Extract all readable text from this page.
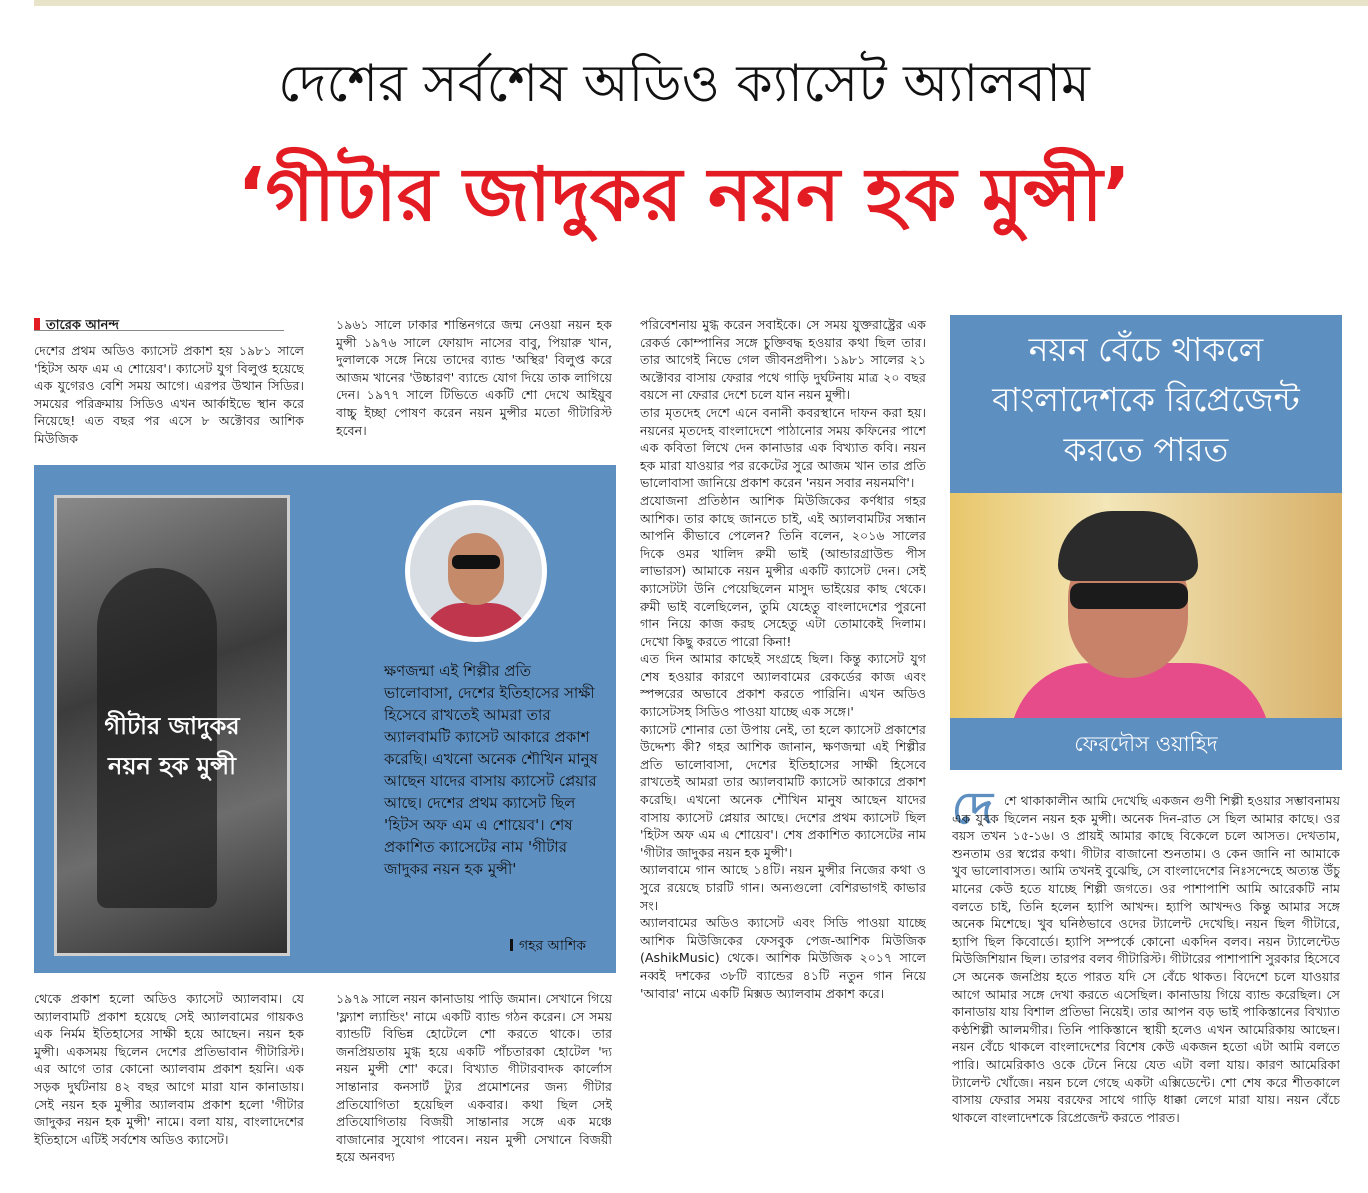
দেশের সর্বশেষ অডিও ক্যাসেট অ্যালবাম
‘গীটার জাদুকর নয়ন হক মুন্সী’
তারেক আনন্দ
দেশের প্রথম অডিও ক্যাসেট প্রকাশ হয় ১৯৮১ সালে 'হিটস অফ এম এ শোয়েব'। ক্যাসেট যুগ বিলুপ্ত হয়েছে এক যুগেরও বেশি সময় আগে। এরপর উত্থান সিডির। সময়ের পরিক্রমায় সিডিও এখন আর্কাইভে স্থান করে নিয়েছে! এত বছর পর এসে ৮ অক্টোবর আশিক মিউজিক
১৯৬১ সালে ঢাকার শান্তিনগরে জন্ম নেওয়া নয়ন হক মুন্সী ১৯৭৬ সালে ফোয়াদ নাসের বাবু, পিয়ারু খান, দুলালকে সঙ্গে নিয়ে তাদের ব্যান্ড 'অস্থির' বিলুপ্ত করে আজম খানের 'উচ্চারণ' ব্যান্ডে যোগ দিয়ে তাক লাগিয়ে দেন। ১৯৭৭ সালে টিভিতে একটি শো দেখে আইয়ুব বাচ্চু ইচ্ছা পোষণ করেন নয়ন মুন্সীর মতো গীটারিস্ট হবেন।
গীটার জাদুকর
নয়ন হক মুন্সী
ক্ষণজন্মা এই শিল্পীর প্রতি ভালোবাসা, দেশের ইতিহাসের সাক্ষী হিসেবে রাখতেই আমরা তার অ্যালবামটি ক্যাসেট আকারে প্রকাশ করেছি। এখনো অনেক শৌখিন মানুষ আছেন যাদের বাসায় ক্যাসেট প্লেয়ার আছে। দেশের প্রথম ক্যাসেট ছিল 'হিটস অফ এম এ শোয়েব'। শেষ প্রকাশিত ক্যাসেটের নাম 'গীটার জাদুকর নয়ন হক মুন্সী'
গহর আশিক
থেকে প্রকাশ হলো অডিও ক্যাসেট অ্যালবাম। যে অ্যালবামটি প্রকাশ হয়েছে সেই অ্যালবামের গায়কও এক নির্মম ইতিহাসের সাক্ষী হয়ে আছেন। নয়ন হক মুন্সী। একসময় ছিলেন দেশের প্রতিভাবান গীটারিস্ট। এর আগে তার কোনো অ্যালবাম প্রকাশ হয়নি। এক সড়ক দুর্ঘটনায় ৪২ বছর আগে মারা যান কানাডায়। সেই নয়ন হক মুন্সীর অ্যালবাম প্রকাশ হলো 'গীটার জাদুকর নয়ন হক মুন্সী' নামে। বলা যায়, বাংলাদেশের ইতিহাসে এটিই সর্বশেষ অডিও ক্যাসেট।
১৯৭৯ সালে নয়ন কানাডায় পাড়ি জমান। সেখানে গিয়ে 'ফ্ল্যাশ ল্যান্ডিং' নামে একটি ব্যান্ড গঠন করেন। সে সময় ব্যান্ডটি বিভিন্ন হোটেলে শো করতে থাকে। তার জনপ্রিয়তায় মুগ্ধ হয়ে একটি পাঁচতারকা হোটেল 'দ্য নয়ন মুন্সী শো' করে। বিখ্যাত গীটারবাদক কার্লোস সান্তানার কনসার্ট ট্যুর প্রমোশনের জন্য গীটার প্রতিযোগিতা হয়েছিল একবার। কথা ছিল সেই প্রতিযোগিতায় বিজয়ী সান্তানার সঙ্গে এক মঞ্চে বাজানোর সুযোগ পাবেন। নয়ন মুন্সী সেখানে বিজয়ী হয়ে অনবদ্য

পরিবেশনায় মুগ্ধ করেন সবাইকে। সে সময় যুক্তরাষ্ট্রের এক রেকর্ড কোম্পানির সঙ্গে চুক্তিবদ্ধ হওয়ার কথা ছিল তার। তার আগেই নিভে গেল জীবনপ্রদীপ। ১৯৮১ সালের ২১ অক্টোবর বাসায় ফেরার পথে গাড়ি দুর্ঘটনায় মাত্র ২০ বছর বয়সে না ফেরার দেশে চলে যান নয়ন মুন্সী।

তার মৃতদেহ দেশে এনে বনানী কবরস্থানে দাফন করা হয়। নয়নের মৃতদেহ বাংলাদেশে পাঠানোর সময় কফিনের পাশে এক কবিতা লিখে দেন কানাডার এক বিখ্যাত কবি। নয়ন হক মারা যাওয়ার পর রকেটের সুরে আজম খান তার প্রতি ভালোবাসা জানিয়ে প্রকাশ করেন 'নয়ন সবার নয়নমণি'।

প্রযোজনা প্রতিষ্ঠান আশিক মিউজিকের কর্ণধার গহর আশিক। তার কাছে জানতে চাই, এই অ্যালবামটির সন্ধান আপনি কীভাবে পেলেন? তিনি বলেন, ২০১৬ সালের দিকে ওমর খালিদ রুমী ভাই (আন্ডারগ্রাউন্ড পীস লাভারস) আমাকে নয়ন মুন্সীর একটি ক্যাসেট দেন। সেই ক্যাসেটটা উনি পেয়েছিলেন মাসুদ ভাইয়ের কাছ থেকে। রুমী ভাই বলেছিলেন, তুমি যেহেতু বাংলাদেশের পুরনো গান নিয়ে কাজ করছ সেহেতু এটা তোমাকেই দিলাম। দেখো কিছু করতে পারো কিনা!

এত দিন আমার কাছেই সংগ্রহে ছিল। কিন্তু ক্যাসেট যুগ শেষ হওয়ার কারণে অ্যালবামের রেকর্ডের কাজ এবং স্পন্সরের অভাবে প্রকাশ করতে পারিনি। এখন অডিও ক্যাসেটসহ সিডিও পাওয়া যাচ্ছে এক সঙ্গে।'

ক্যাসেট শোনার তো উপায় নেই, তা হলে ক্যাসেট প্রকাশের উদ্দেশ্য কী? গহর আশিক জানান, ক্ষণজন্মা এই শিল্পীর প্রতি ভালোবাসা, দেশের ইতিহাসের সাক্ষী হিসেবে রাখতেই আমরা তার অ্যালবামটি ক্যাসেট আকারে প্রকাশ করেছি। এখনো অনেক শৌখিন মানুষ আছেন যাদের বাসায় ক্যাসেট প্লেয়ার আছে। দেশের প্রথম ক্যাসেট ছিল 'হিটস অফ এম এ শোয়েব'। শেষ প্রকাশিত ক্যাসেটের নাম 'গীটার জাদুকর নয়ন হক মুন্সী'।

অ্যালবামে গান আছে ১৪টি। নয়ন মুন্সীর নিজের কথা ও সুরে রয়েছে চারটি গান। অন্যগুলো বেশিরভাগই কাভার সং।

অ্যালবামের অডিও ক্যাসেট এবং সিডি পাওয়া যাচ্ছে আশিক মিউজিকের ফেসবুক পেজ-আশিক মিউজিক (AshikMusic) থেকে। আশিক মিউজিক ২০১৭ সালে নব্বই দশকের ৩৮টি ব্যান্ডের ৪১টি নতুন গান নিয়ে 'আবার' নামে একটি মিক্সড অ্যালবাম প্রকাশ করে।

নয়ন বেঁচে থাকলে বাংলাদেশকে রিপ্রেজেন্ট করতে পারত
ফেরদৌস ওয়াহিদ
দে শে থাকাকালীন আমি দেখেছি একজন গুণী শিল্পী হওয়ার সম্ভাবনাময় এক যুবক ছিলেন নয়ন হক মুন্সী। অনেক দিন-রাত সে ছিল আমার কাছে। ওর বয়স তখন ১৫-১৬। ও প্রায়ই আমার কাছে বিকেলে চলে আসত। দেখতাম, শুনতাম ওর স্বপ্নের কথা। গীটার বাজানো শুনতাম। ও কেন জানি না আমাকে খুব ভালোবাসত। আমি তখনই বুঝেছি, সে বাংলাদেশের নিঃসন্দেহে অত্যন্ত উঁচু মানের কেউ হতে যাচ্ছে শিল্পী জগতে। ওর পাশাপাশি আমি আরেকটি নাম বলতে চাই, তিনি হলেন হ্যাপি আখন্দ। হ্যাপি আখন্দও কিন্তু আমার সঙ্গে অনেক মিশেছে। খুব ঘনিষ্ঠভাবে ওদের ট্যালেন্ট দেখেছি। নয়ন ছিল গীটারে, হ্যাপি ছিল কিবোর্ডে। হ্যাপি সম্পর্কে কোনো একদিন বলব। নয়ন ট্যালেন্টেড মিউজিশিয়ান ছিল। তারপর বলব গীটারিস্ট। গীটারের পাশাপাশি সুরকার হিসেবে সে অনেক জনপ্রিয় হতে পারত যদি সে বেঁচে থাকত। বিদেশে চলে যাওয়ার আগে আমার সঙ্গে দেখা করতে এসেছিল। কানাডায় গিয়ে ব্যান্ড করেছিল। সে কানাডায় যায় বিশাল প্রতিভা নিয়েই। তার আপন বড় ভাই পাকিস্তানের বিখ্যাত কণ্ঠশিল্পী আলমগীর। তিনি পাকিস্তানে স্থায়ী হলেও এখন আমেরিকায় আছেন। নয়ন বেঁচে থাকলে বাংলাদেশের বিশেষ কেউ একজন হতো এটা আমি বলতে পারি। আমেরিকাও ওকে টেনে নিয়ে যেত এটা বলা যায়। কারণ আমেরিকা ট্যালেন্ট খোঁজে। নয়ন চলে গেছে একটা এক্সিডেন্টে। শো শেষ করে শীতকালে বাসায় ফেরার সময় বরফের সাথে গাড়ি ধাক্কা লেগে মারা যায়। নয়ন বেঁচে থাকলে বাংলাদেশকে রিপ্রেজেন্ট করতে পারত।
